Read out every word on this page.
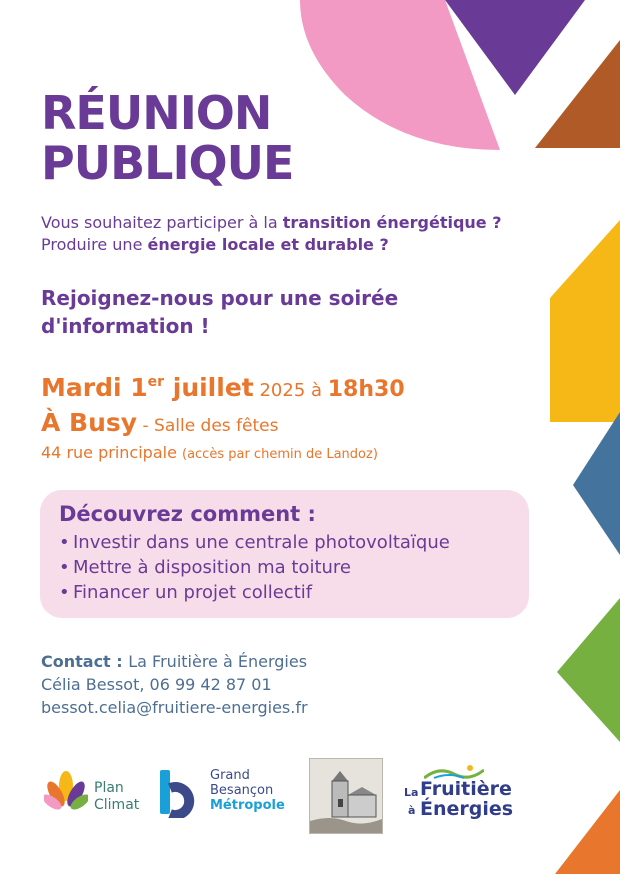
RÉUNION
PUBLIQUE
Vous souhaitez participer à la transition énergétique ?
Produire une énergie locale et durable ?
Rejoignez-nous pour une soirée
d'information !
Mardi 1er juillet 2025 à 18h30
À Busy - Salle des fêtes
44 rue principale (accès par chemin de Landoz)
Découvrez comment :
• Investir dans une centrale photovoltaïque
• Mettre à disposition ma toiture
• Financer un projet collectif
Contact : La Fruitière à Énergies
Célia Bessot, 06 99 42 87 01
bessot.celia@fruitiere-energies.fr
Plan
Climat
Grand
Besançon
Métropole
La Fruitière
à Énergies
